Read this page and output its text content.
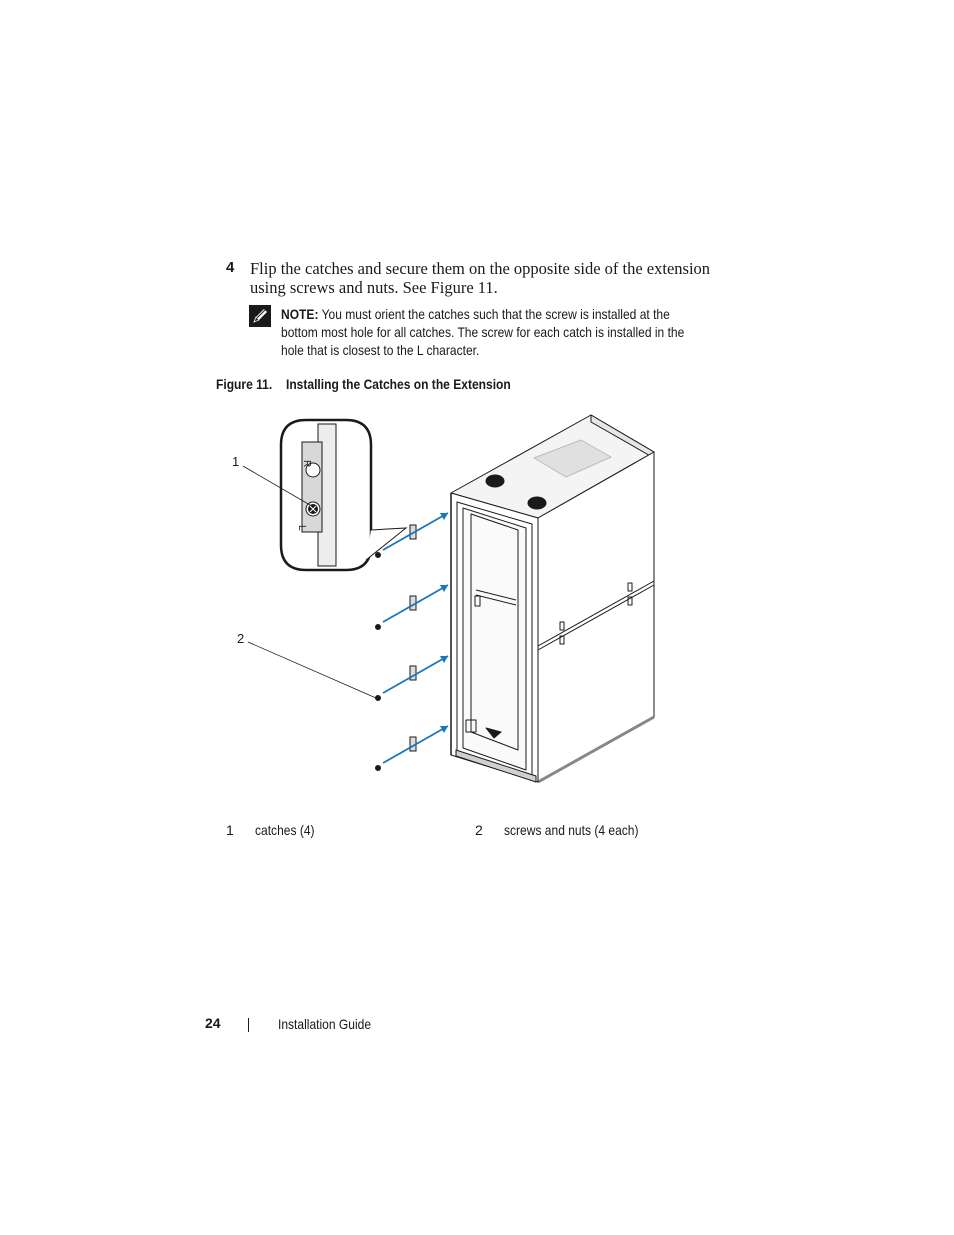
4 Flip the catches and secure them on the opposite side of the extension using screws and nuts. See Figure 11.
NOTE: You must orient the catches such that the screw is installed at the bottom most hole for all catches. The screw for each catch is installed in the hole that is closest to the L character.
Figure 11. Installing the Catches on the Extension
R
L
1
2
1 catches (4)	2 screws and nuts (4 each)
24	Installation Guide
